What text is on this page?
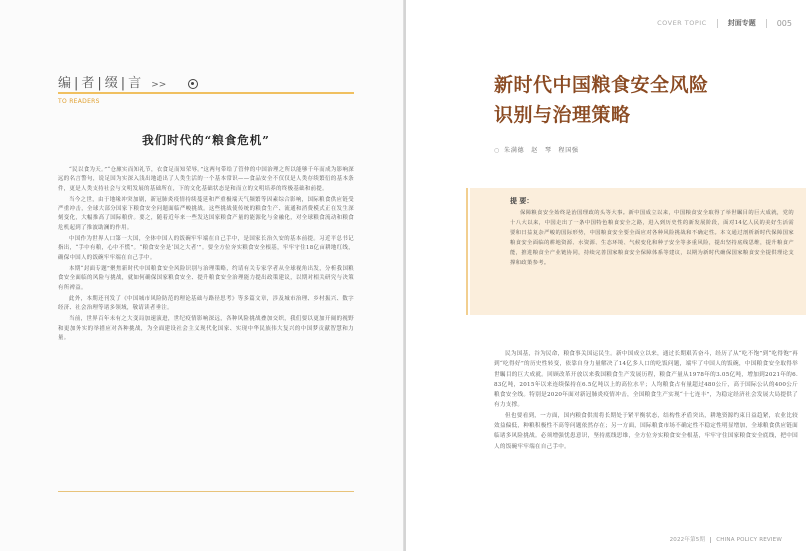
编|者|缀|言 >>
TO READERS
我们时代的“粮食危机”

“民以食为天。”“仓廪实而知礼节，衣食足而知荣辱。”这两句带给了管仲的中国治理之所以能够千年而成为影响深远的名言警句，说足国为实深入浅出地道出了人类生活的一个基本常识——食品安全不仅仅是人类存续繁衍的基本条件，更是人类支持社会与文明发展的基础所在，下的文化基础状态是和而立的文明培养的终极基础和前提。

当今之世，由于地缘冲突加剧，新冠肺炎疫情持续蔓延和严重极端天气频繁等因素综合影响，国际粮食供应链受严重冲击，全球大部分国家下粮食安全问题面临严峻挑战。这些挑战使传统的粮食生产、流通和消费模式正在发生深刻变化，大幅推高了国际粮价。要之，随着近年来一些发达国家粮食产量的能源化与金融化，对全球粮食流动和粮食危机起到了推波助澜的作用。

中国作为世界人口第一大国，全体中国人的饭碗牢牢端在自己手中，是国家长治久安的基本前提。习近平总书记指出，“手中有粮，心中不慌”。“粮食安全是‘国之大者’”。要全方位夯实粮食安全根基，牢牢守住18亿亩耕地红线，确保中国人的饭碗牢牢端在自己手中。

本期“封面专题”聚焦新时代中国粮食安全风险识别与治理策略，约请有关专家学者从全球视角出发，分析我国粮食安全面临的风险与挑战，就如何确保国家粮食安全、提升粮食安全治理能力提出政策建议，以期对相关研究与决策有所裨益。

此外，本期还刊发了《中国城市风险防范的理论基础与路径思考》等多篇文章，涉及城市治理、乡村振兴、数字经济、社会治理等诸多领域，敬请读者垂注。

当前，世界百年未有之大变局加速演进，世纪疫情影响深远，各种风险挑战叠加交织，我们要以更加开阔的视野和更加务实的举措应对各种挑战，为全面建设社会主义现代化国家、实现中华民族伟大复兴的中国梦贡献智慧和力量。

COVER TOPIC	封面专题	005
新时代中国粮食安全风险
识别与治理策略
○ 朱满德　赵　琴　程国强
提 要：

保障粮食安全始终是治国理政的头等大事。新中国成立以来，中国粮食安全取得了举世瞩目的巨大成就，党的十八大以来，中国走出了一条中国特色粮食安全之路，进入到历史性的新发展阶段，面对14亿人民的美好生活需要和日益复杂严峻的国际形势，中国粮食安全要全面应对各种风险挑战和不确定性。本文通过剖析新时代保障国家粮食安全面临的耕地资源、水资源、生态环境、气候变化和种子安全等多重风险，提出坚持底线思维，提升粮食产能，推进粮食全产业链协同，持续完善国家粮食安全保障体系等建议，以期为新时代确保国家粮食安全提供理论支撑和政策参考。

民为国基，谷为民命，粮食事关国运民生。新中国成立以来，通过长期艰苦奋斗，经历了从“吃不饱”到“吃得饱”再到“吃得好”的历史性转变，依靠自身力量解决了14亿多人口的吃饭问题，端牢了中国人的饭碗，中国粮食安全取得举世瞩目的巨大成就。回顾改革开放以来我国粮食生产发展历程，粮食产量从1978年的3.05亿吨，增加到2021年的6.83亿吨，2015年以来连续保持在6.5亿吨以上的高位水平；人均粮食占有量超过480公斤，高于国际公认的400公斤粮食安全线。特别是2020年面对新冠肺炎疫情冲击，全国粮食生产实现“十七连丰”，为稳定经济社会发展大局提供了有力支撑。

但也要看到，一方面，国内粮食供需将长期处于紧平衡状态，结构性矛盾突出，耕地资源约束日益趋紧，农业比较效益偏低，种粮积极性不高等问题依然存在；另一方面，国际粮食市场不确定性不稳定性明显增加，全球粮食供应链面临诸多风险挑战。必须增强忧患意识，坚持底线思维，全方位夯实粮食安全根基，牢牢守住国家粮食安全底线，把中国人的饭碗牢牢端在自己手中。

2022年第5期 CHINA POLICY REVIEW
